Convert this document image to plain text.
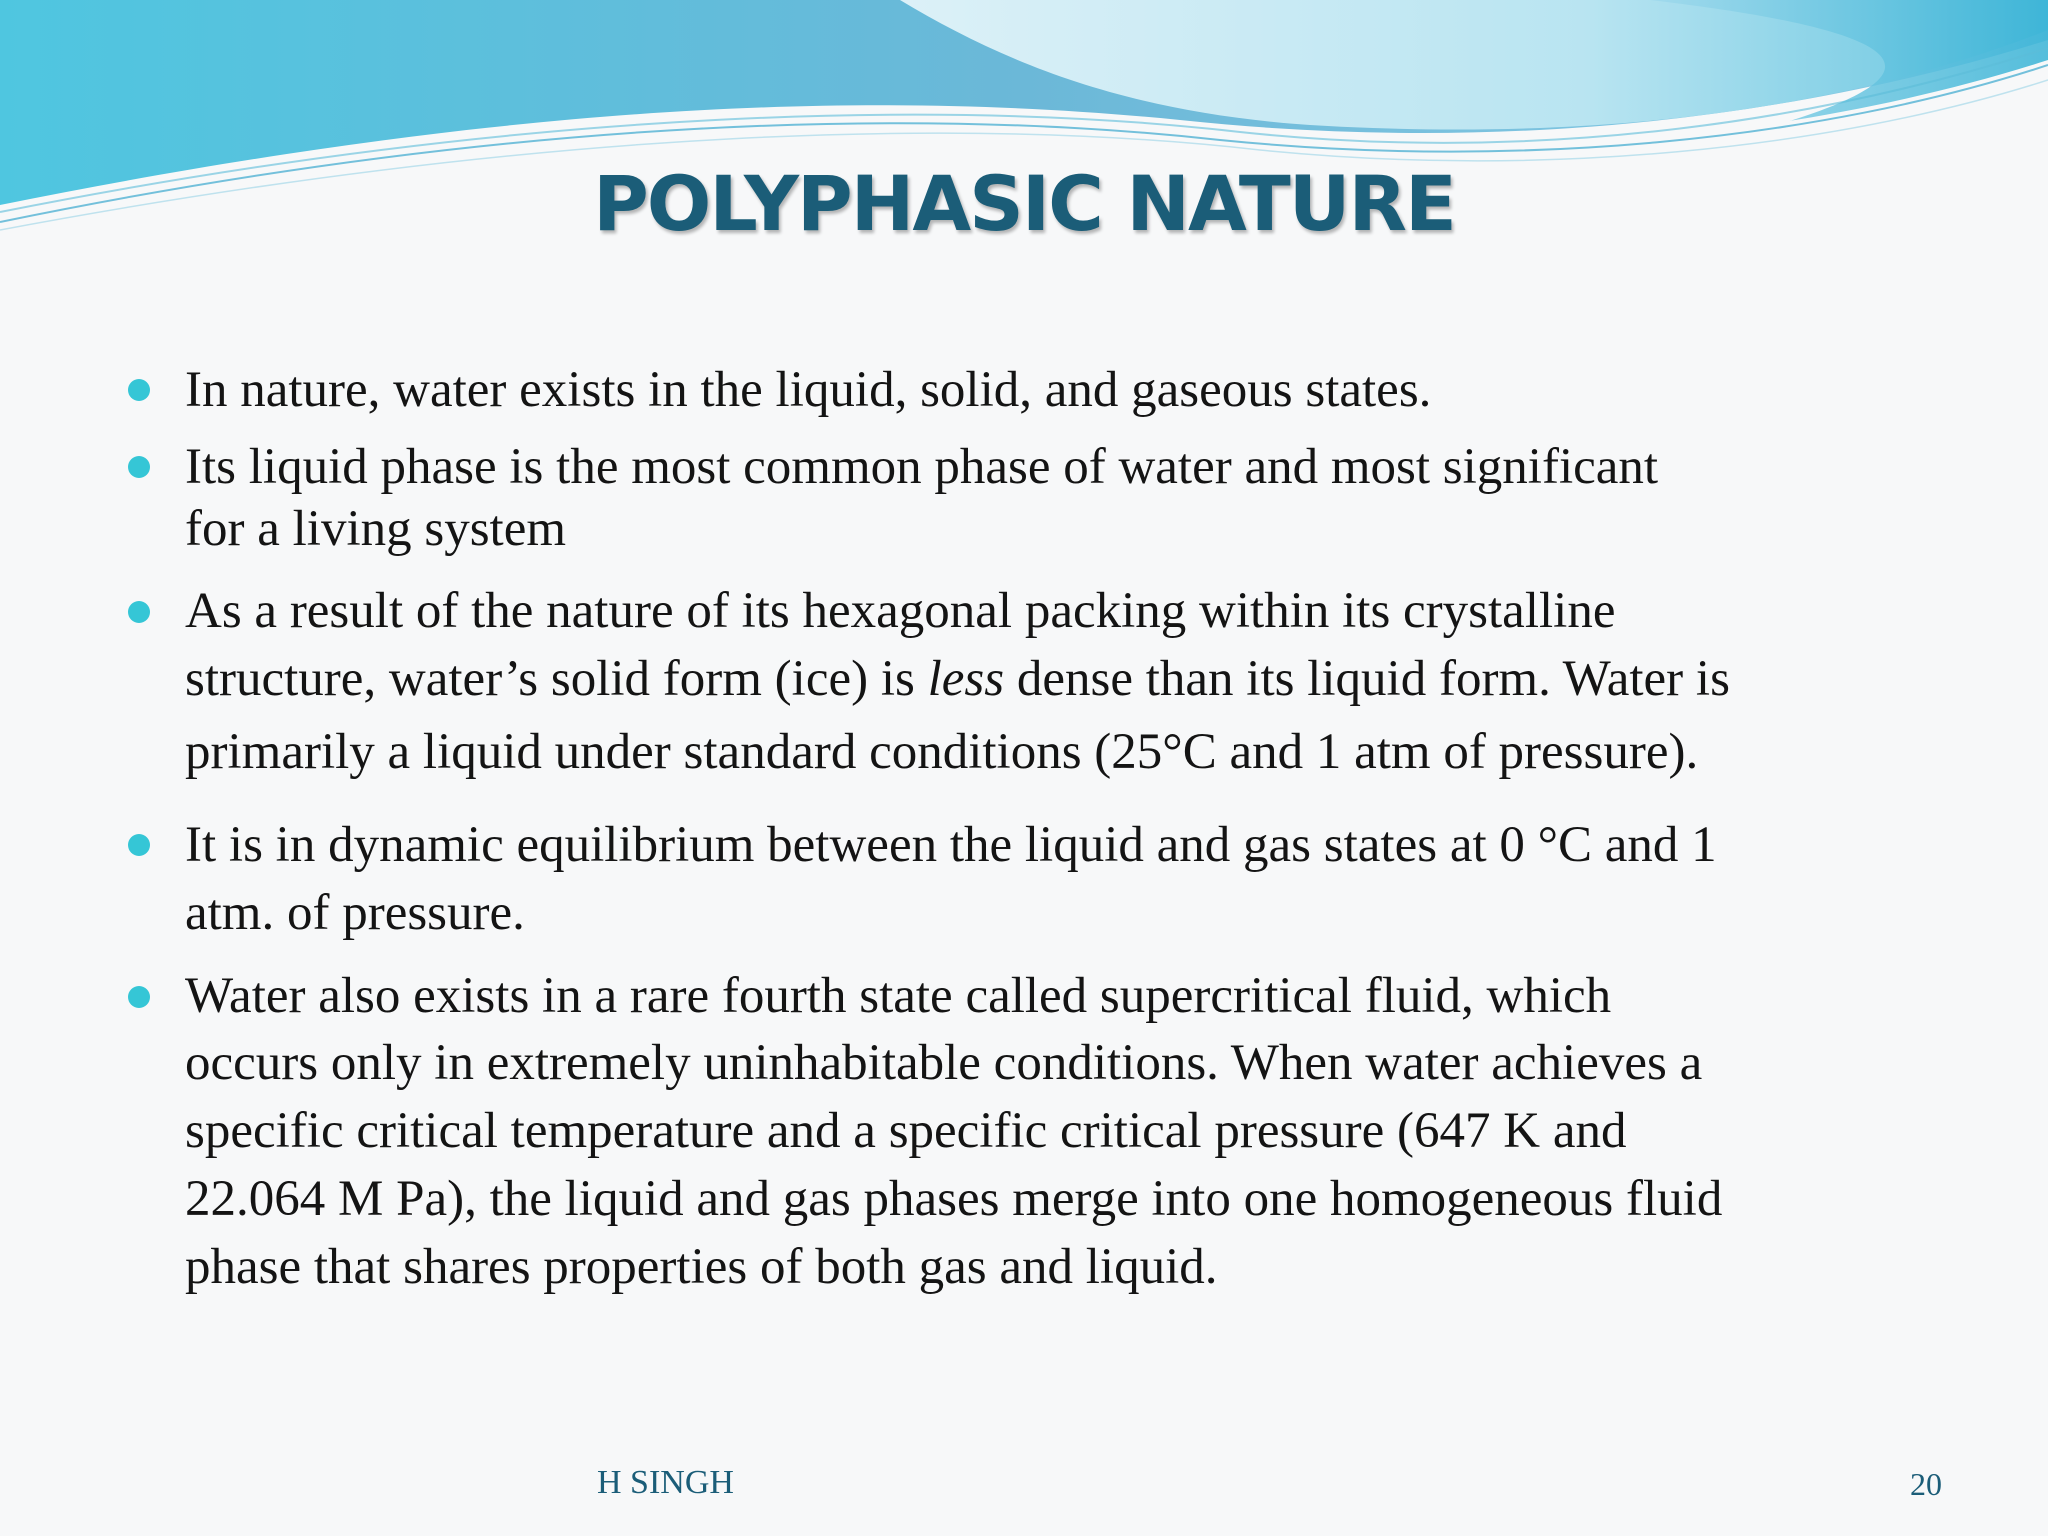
POLYPHASIC NATURE
In nature, water exists in the liquid, solid, and gaseous states.
Its liquid phase is the most common phase of water and most significant
for a living system
As a result of the nature of its hexagonal packing within its crystalline
structure, water’s solid form (ice) is less dense than its liquid form. Water is
primarily a liquid under standard conditions (25°C and 1 atm of pressure).
It is in dynamic equilibrium between the liquid and gas states at 0 °C and 1
atm. of pressure.
Water also exists in a rare fourth state called supercritical fluid, which
occurs only in extremely uninhabitable conditions. When water achieves a
specific critical temperature and a specific critical pressure (647 K and
22.064 M Pa), the liquid and gas phases merge into one homogeneous fluid
phase that shares properties of both gas and liquid.
H SINGH	20
